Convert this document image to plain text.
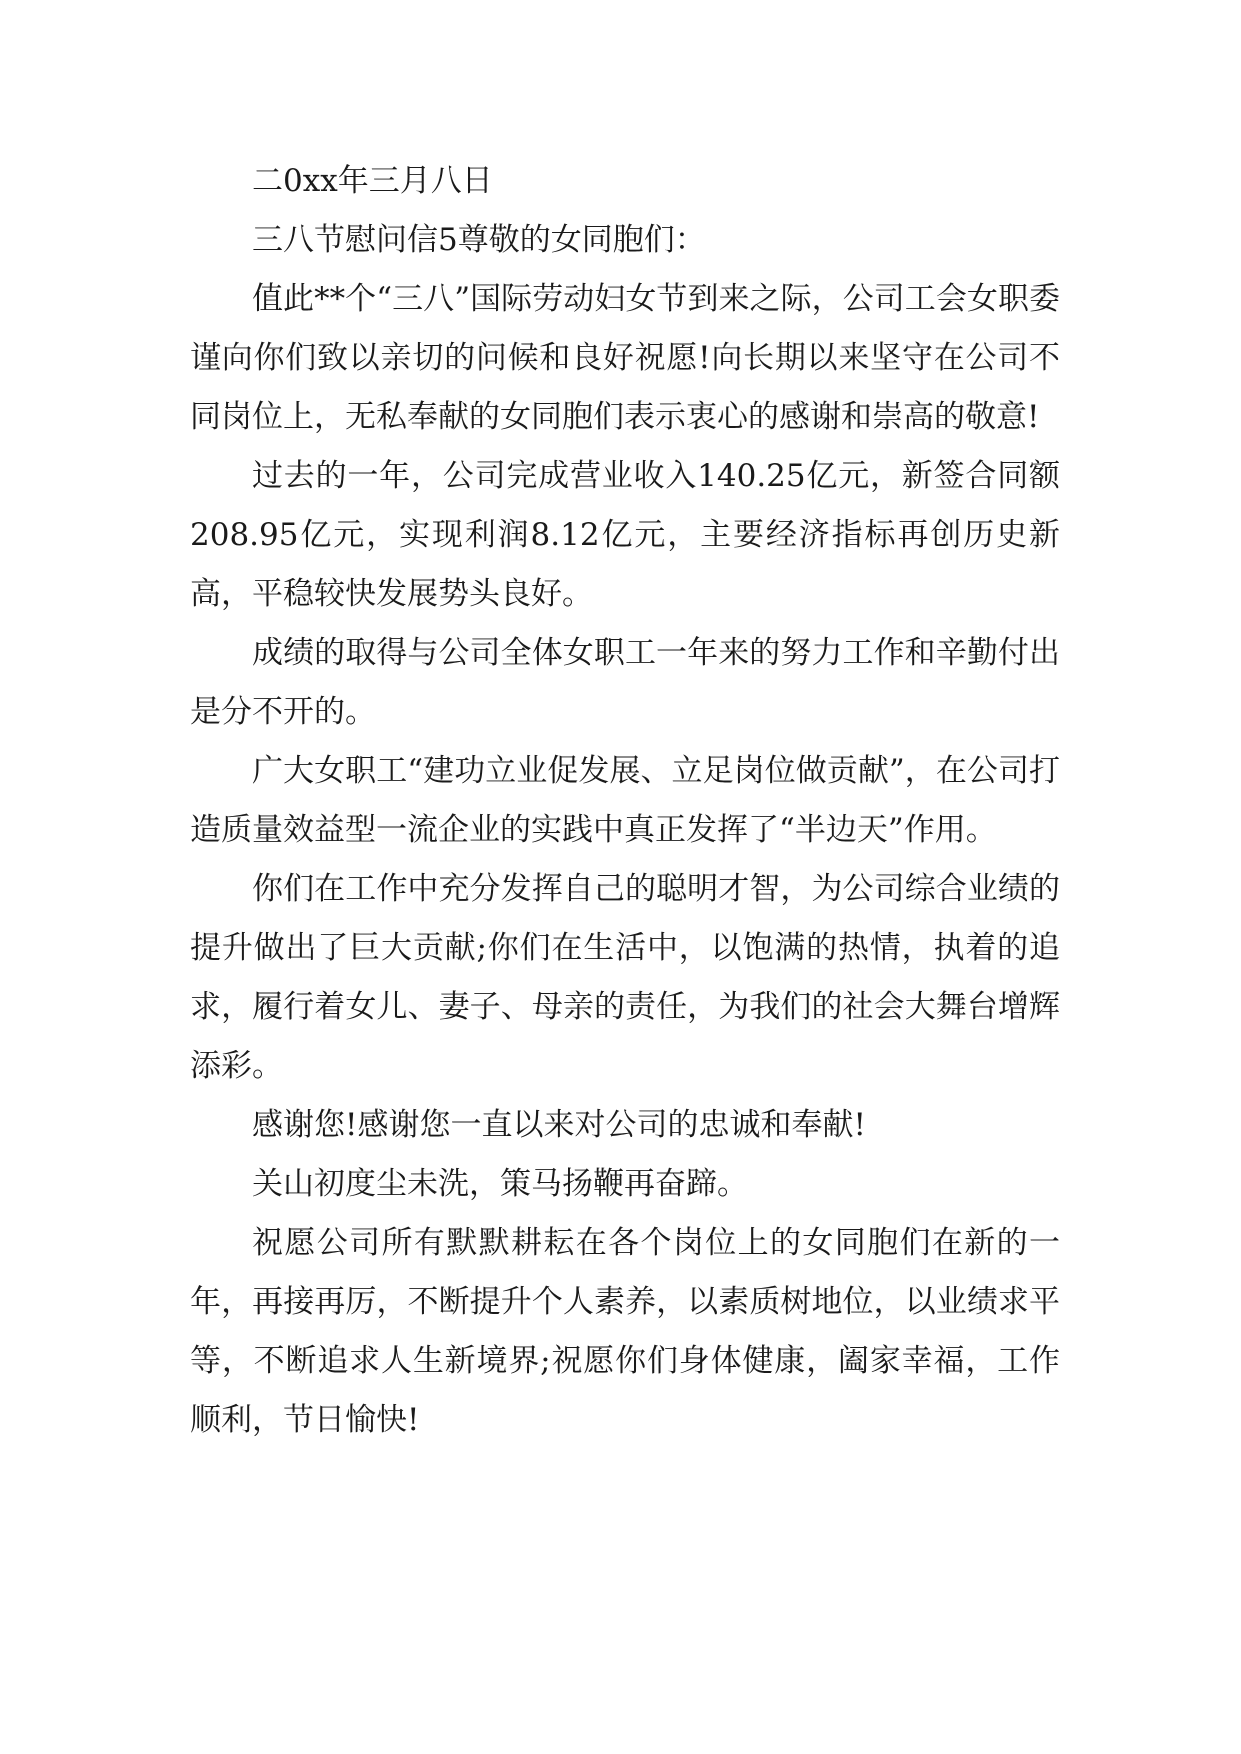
二0xx年三月八日

三八节慰问信5尊敬的女同胞们：

值此**个“三八”国际劳动妇女节到来之际，公司工会女职委谨向你们致以亲切的问候和良好祝愿!向长期以来坚守在公司不同岗位上，无私奉献的女同胞们表示衷心的感谢和崇高的敬意!

过去的一年，公司完成营业收入140.25亿元，新签合同额208.95亿元，实现利润8.12亿元，主要经济指标再创历史新高，平稳较快发展势头良好。

成绩的取得与公司全体女职工一年来的努力工作和辛勤付出是分不开的。

广大女职工“建功立业促发展、立足岗位做贡献”，在公司打造质量效益型一流企业的实践中真正发挥了“半边天”作用。

你们在工作中充分发挥自己的聪明才智，为公司综合业绩的提升做出了巨大贡献;你们在生活中，以饱满的热情，执着的追求，履行着女儿、妻子、母亲的责任，为我们的社会大舞台增辉添彩。

感谢您!感谢您一直以来对公司的忠诚和奉献!

关山初度尘未洗，策马扬鞭再奋蹄。

祝愿公司所有默默耕耘在各个岗位上的女同胞们在新的一年，再接再厉，不断提升个人素养，以素质树地位，以业绩求平等，不断追求人生新境界;祝愿你们身体健康，阖家幸福，工作顺利，节日愉快!
